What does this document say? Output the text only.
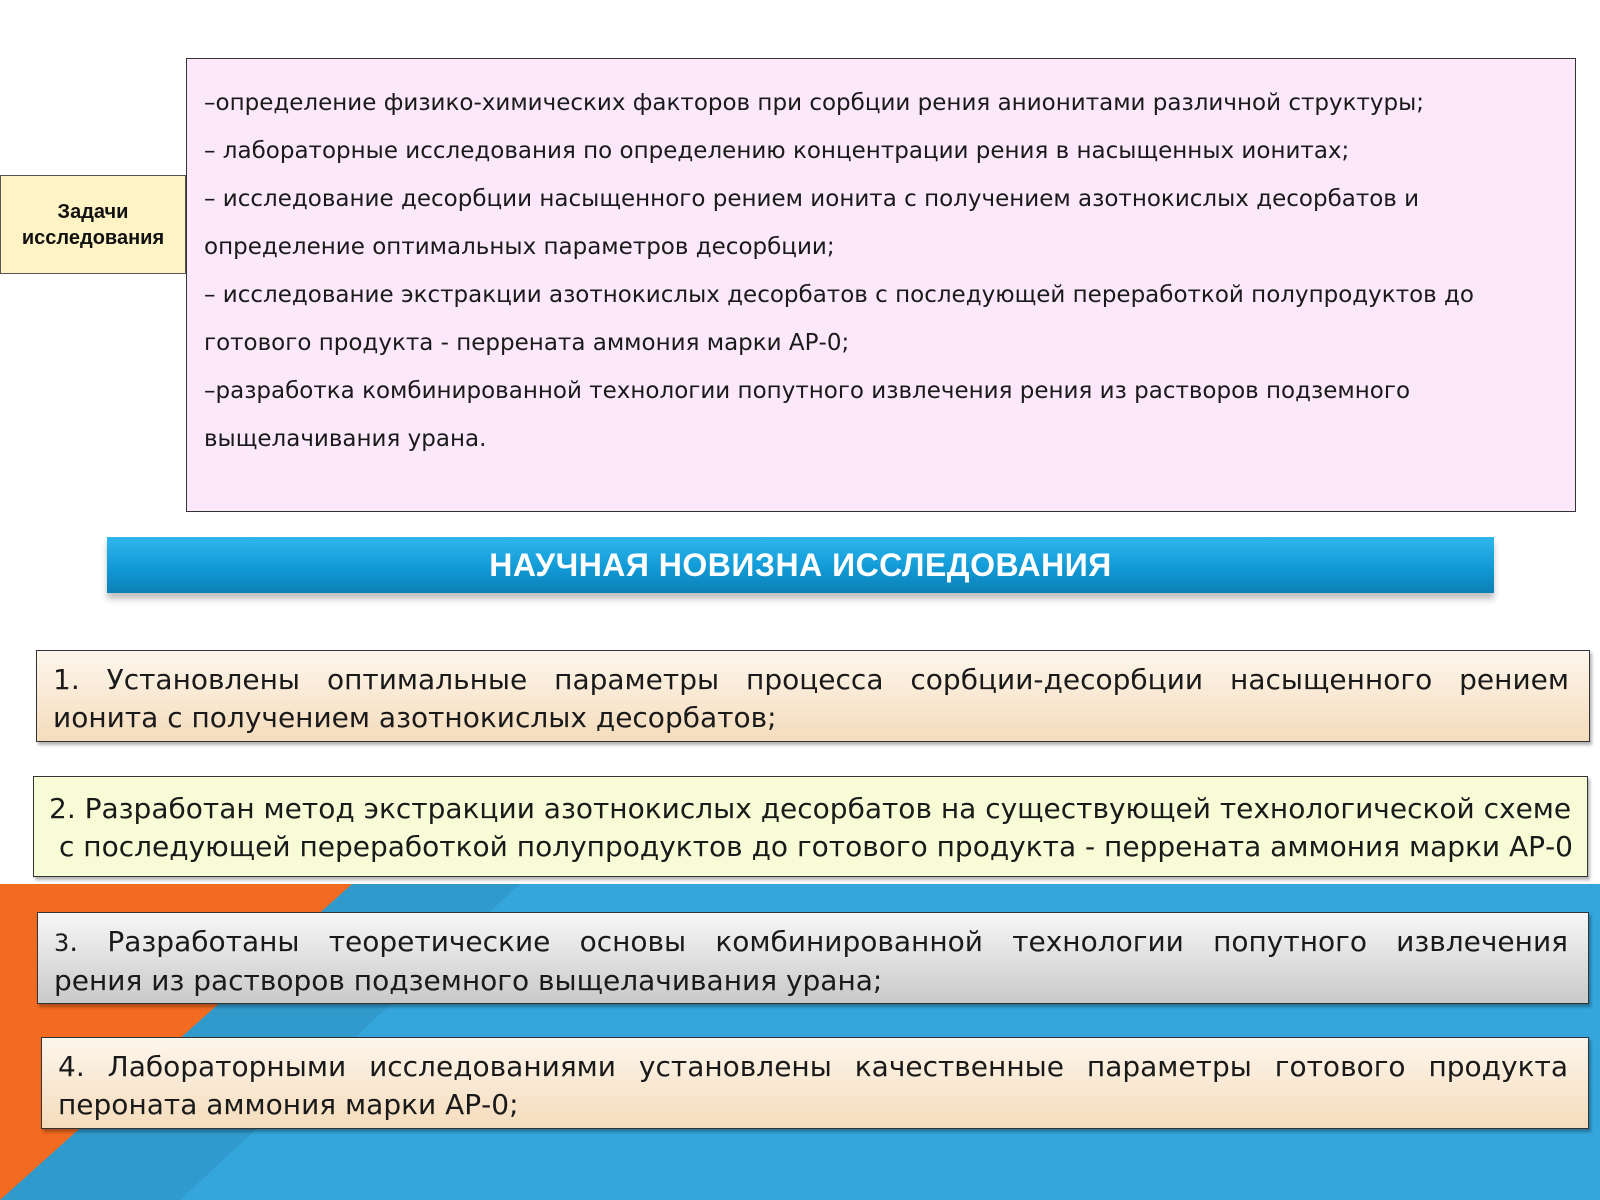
Задачи
исследования

–определение физико-химических факторов при сорбции рения анионитами различной структуры;

– лабораторные исследования по определению концентрации рения в насыщенных ионитах;

– исследование десорбции насыщенного рением ионита с получением азотнокислых десорбатов и

определение оптимальных параметров десорбции;

– исследование экстракции азотнокислых десорбатов с последующей переработкой полупродуктов до

готового продукта - перрената аммония марки АР-0;

–разработка комбинированной технологии попутного извлечения рения из растворов подземного

выщелачивания урана.

НАУЧНАЯ НОВИЗНА ИССЛЕДОВАНИЯ
1. Установлены оптимальные параметры процесса сорбции-десорбции насыщенного рением
ионита с получением азотнокислых десорбатов;
2. Разработан метод экстракции азотнокислых десорбатов на существующей технологической схеме
с последующей переработкой полупродуктов до готового продукта - перрената аммония марки АР-0
3. Разработаны теоретические основы комбинированной технологии попутного извлечения
рения из растворов подземного выщелачивания урана;
4. Лабораторными исследованиями установлены качественные параметры готового продукта
пероната аммония марки АР-0;
